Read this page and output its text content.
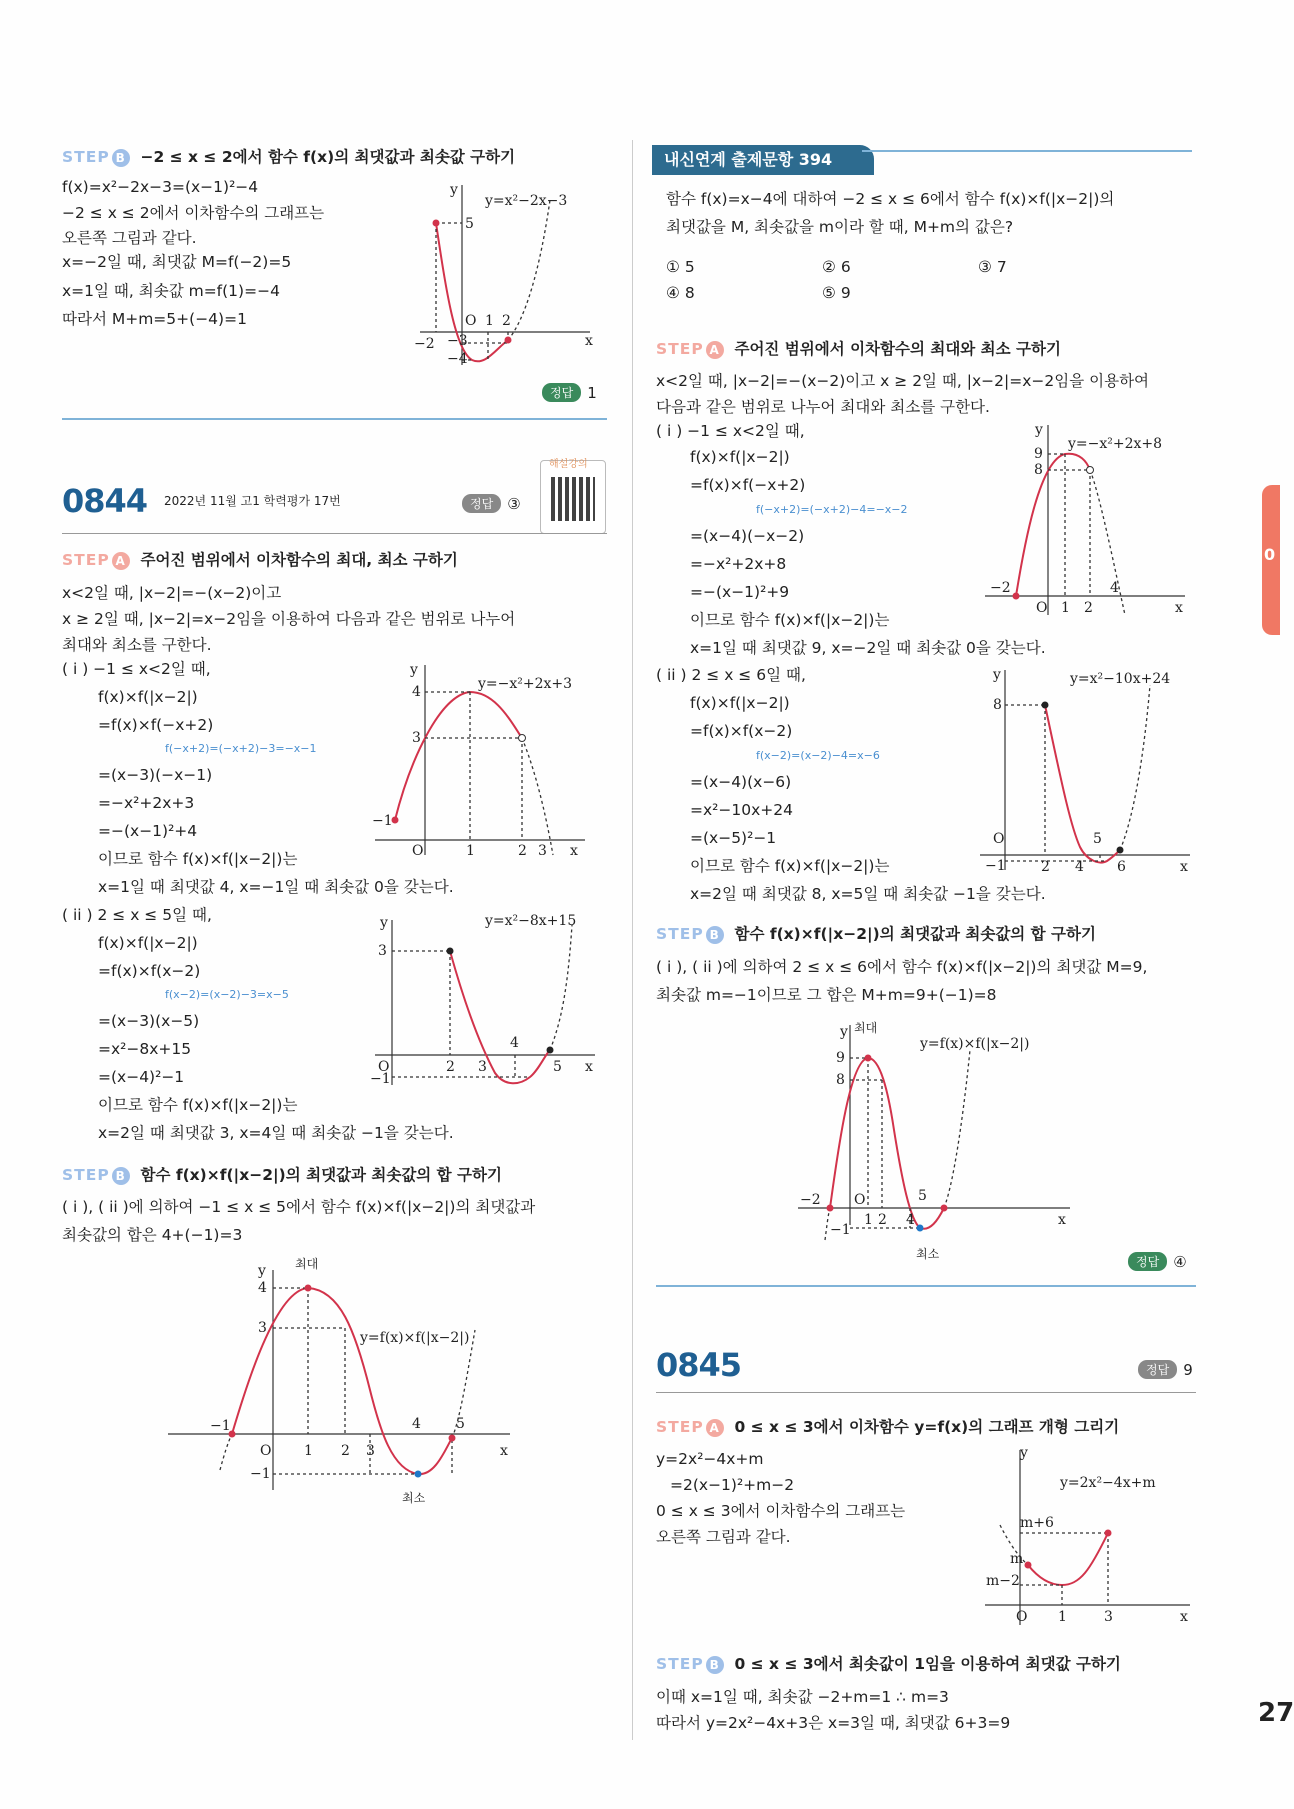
STEP B −2 ≤ x ≤ 2에서 함수 f(x)의 최댓값과 최솟값 구하기
f(x)=x²−2x−3=(x−1)²−4
−2 ≤ x ≤ 2에서 이차함수의 그래프는
오른쪽 그림과 같다.
x=−2일 때, 최댓값 M=f(−2)=5
x=1일 때, 최솟값 m=f(1)=−4
따라서 M+m=5+(−4)=1
y
5
O 1 2
−2 −3
−4
x
y=x²−2x−3
정답 1
0844 2022년 11월 고1 학력평가 17번	정답 ③
해설강의
STEP A 주어진 범위에서 이차함수의 최대, 최소 구하기
x<2일 때, |x−2|=−(x−2)이고
x ≥ 2일 때, |x−2|=x−2임을 이용하여 다음과 같은 범위로 나누어
최대와 최소를 구한다.
( i ) −1 ≤ x<2일 때,
f(x)×f(|x−2|)
=f(x)×f(−x+2)
f(−x+2)=(−x+2)−3=−x−1
=(x−3)(−x−1)
=−x²+2x+3
=−(x−1)²+4
이므로 함수 f(x)×f(|x−2|)는
x=1일 때 최댓값 4, x=−1일 때 최솟값 0을 갖는다.
y
4
3
−1
O	1	2 3 x
y=−x²+2x+3
( ii ) 2 ≤ x ≤ 5일 때,
f(x)×f(|x−2|)
=f(x)×f(x−2)
f(x−2)=(x−2)−3=x−5
=(x−3)(x−5)
=x²−8x+15
=(x−4)²−1
이므로 함수 f(x)×f(|x−2|)는
x=2일 때 최댓값 3, x=4일 때 최솟값 −1을 갖는다.
y
3
O
−1
2 3
4
5 x
y=x²−8x+15
STEP B 함수 f(x)×f(|x−2|)의 최댓값과 최솟값의 합 구하기
( i ), ( ii )에 의하여 −1 ≤ x ≤ 5에서 함수 f(x)×f(|x−2|)의 최댓값과
최솟값의 합은 4+(−1)=3
y
4
3
−1
O 1 2 3
4	5
x
−1
최대
최소
y=f(x)×f(|x−2|)
내신연계 출제문항 394
함수 f(x)=x−4에 대하여 −2 ≤ x ≤ 6에서 함수 f(x)×f(|x−2|)의
최댓값을 M, 최솟값을 m이라 할 때, M+m의 값은?
① 5	② 6	③ 7
④ 8	⑤ 9
STEP A 주어진 범위에서 이차함수의 최대와 최소 구하기
x<2일 때, |x−2|=−(x−2)이고 x ≥ 2일 때, |x−2|=x−2임을 이용하여
다음과 같은 범위로 나누어 최대와 최소를 구한다.
( i ) −1 ≤ x<2일 때,
f(x)×f(|x−2|)
=f(x)×f(−x+2)
f(−x+2)=(−x+2)−4=−x−2
=(x−4)(−x−2)
=−x²+2x+8
=−(x−1)²+9
이므로 함수 f(x)×f(|x−2|)는
x=1일 때 최댓값 9, x=−2일 때 최솟값 0을 갖는다.
y
9
8
−2
O 1 2
4
x
y=−x²+2x+8
( ii ) 2 ≤ x ≤ 6일 때,
f(x)×f(|x−2|)
=f(x)×f(x−2)
f(x−2)=(x−2)−4=x−6
=(x−4)(x−6)
=x²−10x+24
=(x−5)²−1
이므로 함수 f(x)×f(|x−2|)는
x=2일 때 최댓값 8, x=5일 때 최솟값 −1을 갖는다.
y
8
O
−1	2 4
5
6	x
y=x²−10x+24
STEP B 함수 f(x)×f(|x−2|)의 최댓값과 최솟값의 합 구하기
( i ), ( ii )에 의하여 2 ≤ x ≤ 6에서 함수 f(x)×f(|x−2|)의 최댓값 M=9,
최솟값 m=−1이므로 그 합은 M+m=9+(−1)=8
y
9
8
−2 O
1 2 4
5
−1
x
최대
최소
y=f(x)×f(|x−2|)
정답 ④
0845	정답 9
STEP A 0 ≤ x ≤ 3에서 이차함수 y=f(x)의 그래프 개형 그리기
y=2x²−4x+m
=2(x−1)²+m−2
0 ≤ x ≤ 3에서 이차함수의 그래프는
오른쪽 그림과 같다.
m+6
m
m−2
O 1	3	x
y
y=2x²−4x+m
STEP B 0 ≤ x ≤ 3에서 최솟값이 1임을 이용하여 최댓값 구하기
이때 x=1일 때, 최솟값 −2+m=1 ∴ m=3
따라서 y=2x²−4x+3은 x=3일 때, 최댓값 6+3=9
0
27
